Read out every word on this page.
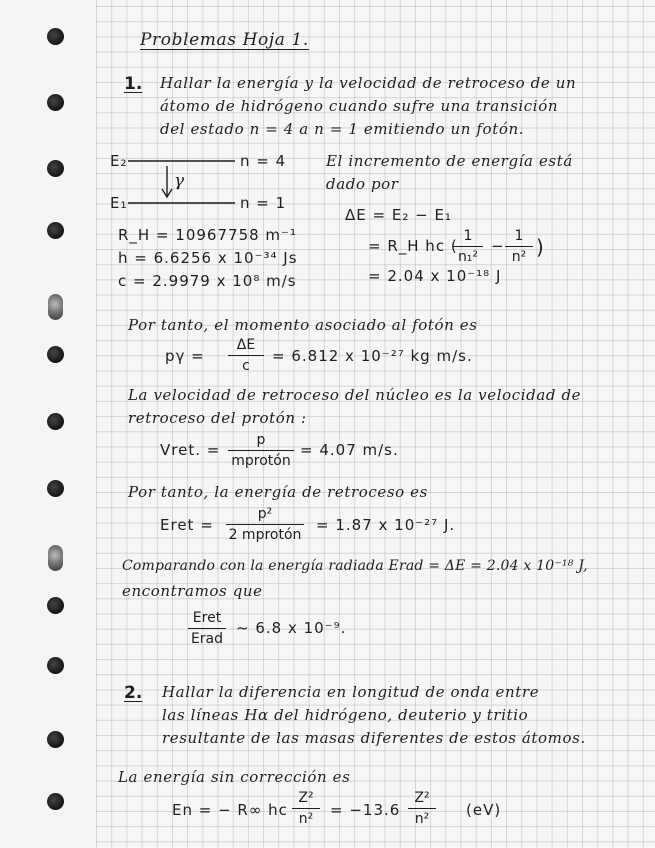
Problemas Hoja 1.
1. Hallar la energía y la velocidad de retroceso de un
átomo de hidrógeno cuando sufre una transición
del estado n = 4 a n = 1 emitiendo un fotón.
E₂
E₁
n = 4
n = 1
γ
R_H = 10967758 m⁻¹
h = 6.6256 x 10⁻³⁴ Js
c = 2.9979 x 10⁸ m/s
El incremento de energía está
dado por
ΔE = E₂ − E₁
= R_H hc (
1
n₁²
−
1
n² )
= 2.04 x 10⁻¹⁸ J
Por tanto, el momento asociado al fotón es
pγ =
ΔE
c
= 6.812 x 10⁻²⁷ kg m/s.
La velocidad de retroceso del núcleo es la velocidad de
retroceso del protón :
Vret. =
p
mprotón
= 4.07 m/s.
Por tanto, la energía de retroceso es
Eret =
p²
2 mprotón
= 1.87 x 10⁻²⁷ J.
Comparando con la energía radiada Erad = ΔE = 2.04 x 10⁻¹⁸ J,
encontramos que
Eret
Erad
~ 6.8 x 10⁻⁹.
2. Hallar la diferencia en longitud de onda entre
las líneas Hα del hidrógeno, deuterio y tritio
resultante de las masas diferentes de estos átomos.
La energía sin corrección es
En = − R∞ hc
Z²
n²	= −13.6
Z²
n²	(eV)
